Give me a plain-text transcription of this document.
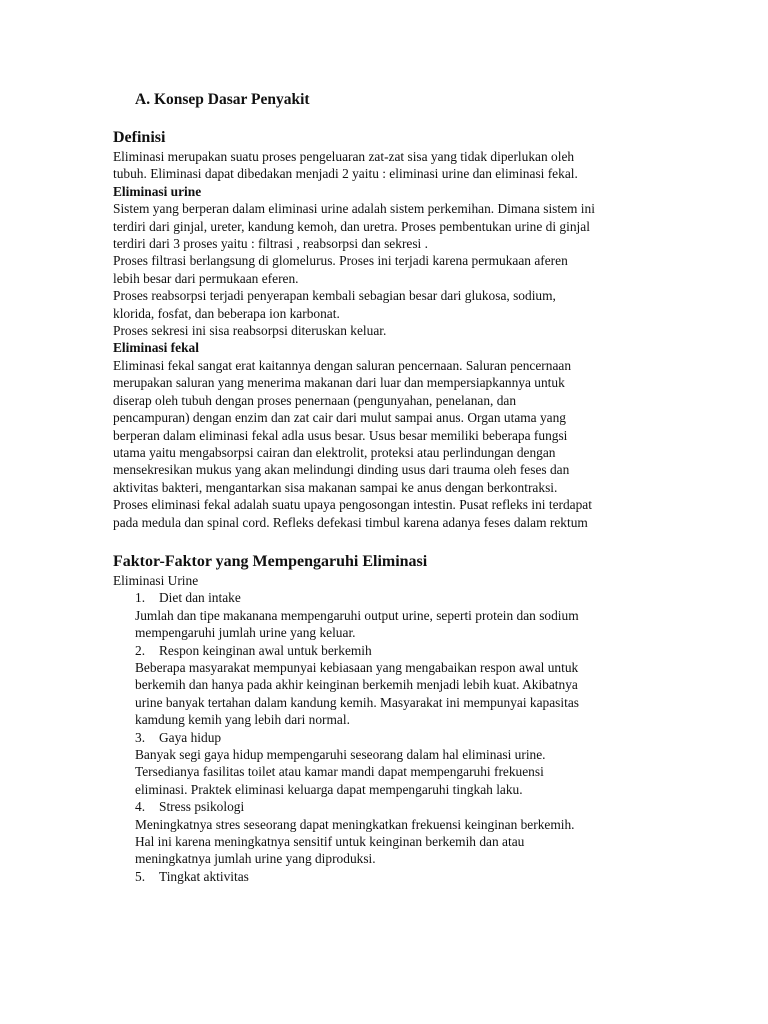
A. Konsep Dasar Penyakit
Definisi
Eliminasi merupakan suatu proses pengeluaran zat-zat sisa yang tidak diperlukan oleh
tubuh. Eliminasi dapat dibedakan menjadi 2 yaitu : eliminasi urine dan eliminasi fekal.
Eliminasi urine
Sistem yang berperan dalam eliminasi urine adalah sistem perkemihan. Dimana sistem ini
terdiri dari ginjal, ureter, kandung kemoh, dan uretra. Proses pembentukan urine di ginjal
terdiri dari 3 proses yaitu : filtrasi , reabsorpsi dan sekresi .
Proses filtrasi berlangsung di glomelurus. Proses ini terjadi karena permukaan aferen
lebih besar dari permukaan eferen.
Proses reabsorpsi terjadi penyerapan kembali sebagian besar dari glukosa, sodium,
klorida, fosfat, dan beberapa ion karbonat.
Proses sekresi ini sisa reabsorpsi diteruskan keluar.
Eliminasi fekal
Eliminasi fekal sangat erat kaitannya dengan saluran pencernaan. Saluran pencernaan
merupakan saluran yang menerima makanan dari luar dan mempersiapkannya untuk
diserap oleh tubuh dengan proses penernaan (pengunyahan, penelanan, dan
pencampuran) dengan enzim dan zat cair dari mulut sampai anus. Organ utama yang
berperan dalam eliminasi fekal adla usus besar. Usus besar memiliki beberapa fungsi
utama yaitu mengabsorpsi cairan dan elektrolit, proteksi atau perlindungan dengan
mensekresikan mukus yang akan melindungi dinding usus dari trauma oleh feses dan
aktivitas bakteri, mengantarkan sisa makanan sampai ke anus dengan berkontraksi.
Proses eliminasi fekal adalah suatu upaya pengosongan intestin. Pusat refleks ini terdapat
pada medula dan spinal cord. Refleks defekasi timbul karena adanya feses dalam rektum
Faktor-Faktor yang Mempengaruhi Eliminasi
Eliminasi Urine
1. Diet dan intake
Jumlah dan tipe makanana mempengaruhi output urine, seperti protein dan sodium
mempengaruhi jumlah urine yang keluar.
2. Respon keinginan awal untuk berkemih
Beberapa masyarakat mempunyai kebiasaan yang mengabaikan respon awal untuk
berkemih dan hanya pada akhir keinginan berkemih menjadi lebih kuat. Akibatnya
urine banyak tertahan dalam kandung kemih. Masyarakat ini mempunyai kapasitas
kamdung kemih yang lebih dari normal.
3. Gaya hidup
Banyak segi gaya hidup mempengaruhi seseorang dalam hal eliminasi urine.
Tersedianya fasilitas toilet atau kamar mandi dapat mempengaruhi frekuensi
eliminasi. Praktek eliminasi keluarga dapat mempengaruhi tingkah laku.
4. Stress psikologi
Meningkatnya stres seseorang dapat meningkatkan frekuensi keinginan berkemih.
Hal ini karena meningkatnya sensitif untuk keinginan berkemih dan atau
meningkatnya jumlah urine yang diproduksi.
5. Tingkat aktivitas
